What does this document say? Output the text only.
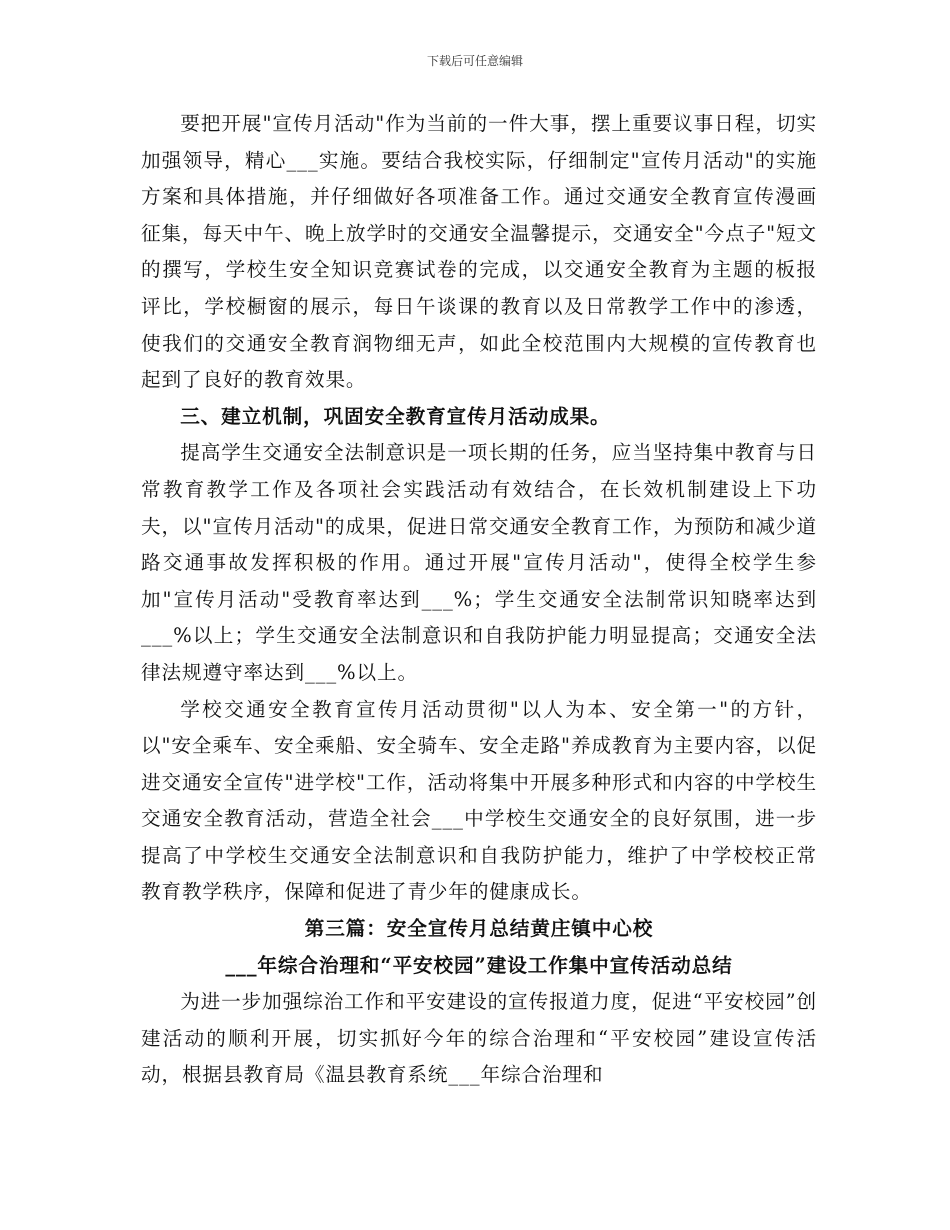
下载后可任意编辑

要把开展"宣传月活动"作为当前的一件大事，摆上重要议事日程，切实加强领导，精心___实施。要结合我校实际，仔细制定"宣传月活动"的实施方案和具体措施，并仔细做好各项准备工作。通过交通安全教育宣传漫画征集，每天中午、晚上放学时的交通安全温馨提示，交通安全"今点子"短文的撰写，学校生安全知识竞赛试卷的完成，以交通安全教育为主题的板报评比，学校橱窗的展示，每日午谈课的教育以及日常教学工作中的渗透，使我们的交通安全教育润物细无声，如此全校范围内大规模的宣传教育也起到了良好的教育效果。

三、建立机制，巩固安全教育宣传月活动成果。

提高学生交通安全法制意识是一项长期的任务，应当坚持集中教育与日常教育教学工作及各项社会实践活动有效结合，在长效机制建设上下功夫，以"宣传月活动"的成果，促进日常交通安全教育工作，为预防和减少道路交通事故发挥积极的作用。通过开展"宣传月活动"，使得全校学生参加"宣传月活动"受教育率达到___%；学生交通安全法制常识知晓率达到___%以上；学生交通安全法制意识和自我防护能力明显提高；交通安全法律法规遵守率达到___%以上。

学校交通安全教育宣传月活动贯彻"以人为本、安全第一"的方针，以"安全乘车、安全乘船、安全骑车、安全走路"养成教育为主要内容，以促进交通安全宣传"进学校"工作，活动将集中开展多种形式和内容的中学校生交通安全教育活动，营造全社会___中学校生交通安全的良好氛围，进一步提高了中学校生交通安全法制意识和自我防护能力，维护了中学校校正常教育教学秩序，保障和促进了青少年的健康成长。

第三篇：安全宣传月总结黄庄镇中心校

___年综合治理和“平安校园”建设工作集中宣传活动总结

为进一步加强综治工作和平安建设的宣传报道力度，促进“平安校园”创建活动的顺利开展，切实抓好今年的综合治理和“平安校园”建设宣传活动，根据县教育局《温县教育系统___年综合治理和
